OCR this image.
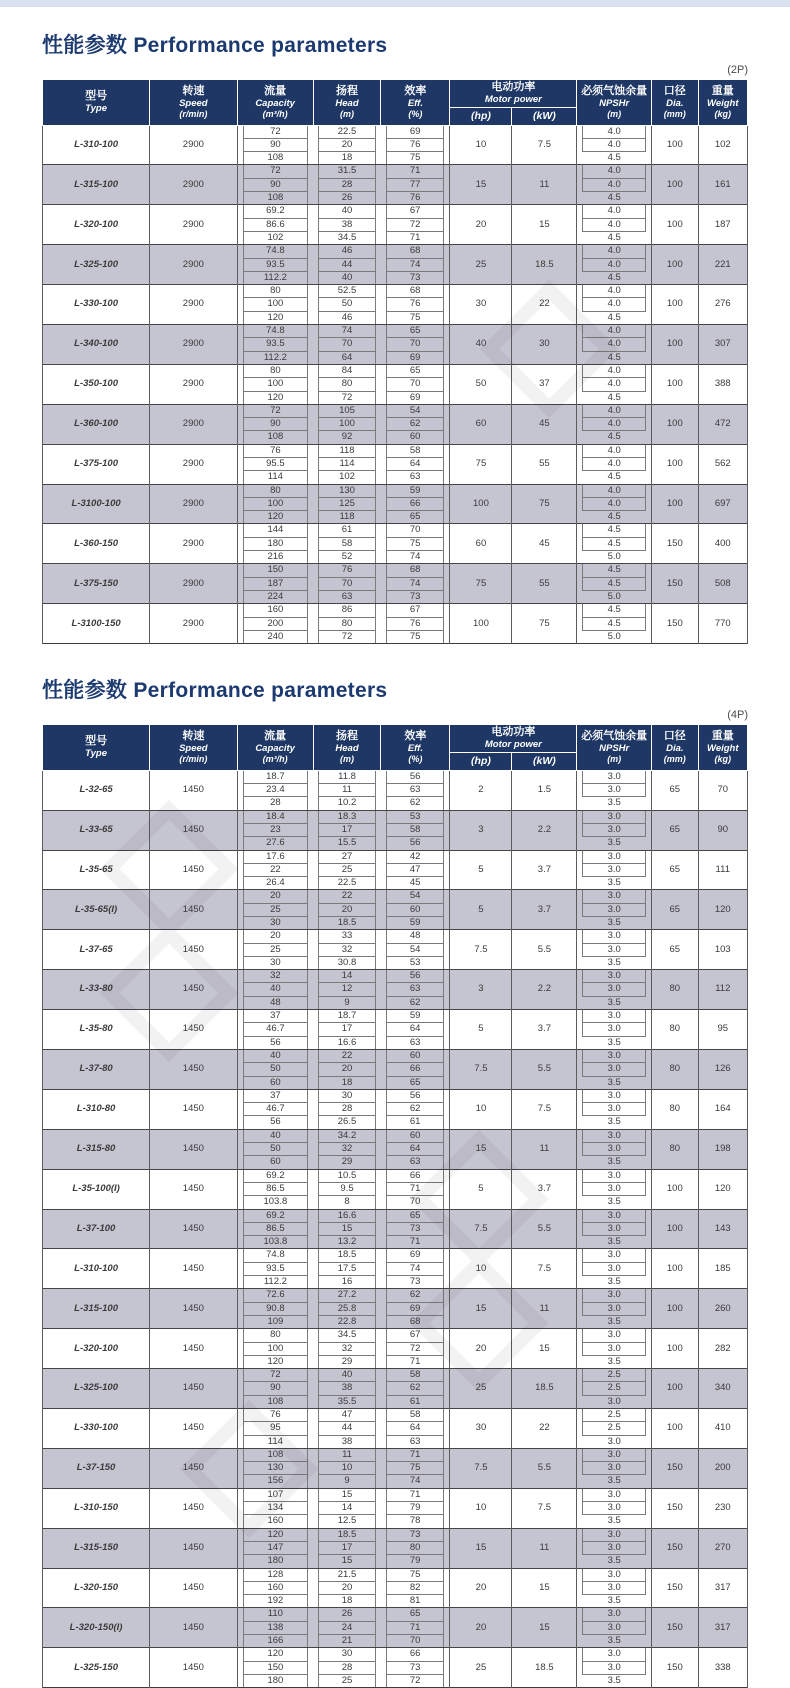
性能参数 Performance parameters
(2P)
型号
Type	转速
Speed
(r/min)	流量
Capacity
(m³/h)	扬程
Head
(m)	效率
Eff.
(%)	电动功率
Motor power		必须气蚀余量
NPSHr
(m)	口径
Dia.
(mm)	重量
Weight
(kg)

					(hp)	(kW)			
L-310-100	2900	72	22.5	69	10	7.5	4.0	100	102

		90	20	76			4.0		

		108	18	75			4.5		

L-315-100	2900	72	31.5	71	15	11	4.0	100	161

		90	28	77			4.0		

		108	26	76			4.5		

L-320-100	2900	69.2	40	67	20	15	4.0	100	187

		86.6	38	72			4.0		

		102	34.5	71			4.5		

L-325-100	2900	74.8	46	68	25	18.5	4.0	100	221

		93.5	44	74			4.0		

		112.2	40	73			4.5		

L-330-100	2900	80	52.5	68	30	22	4.0	100	276

		100	50	76			4.0		

		120	46	75			4.5		

L-340-100	2900	74.8	74	65	40	30	4.0	100	307

		93.5	70	70			4.0		

		112.2	64	69			4.5		

L-350-100	2900	80	84	65	50	37	4.0	100	388

		100	80	70			4.0		

		120	72	69			4.5		

L-360-100	2900	72	105	54	60	45	4.0	100	472

		90	100	62			4.0		

		108	92	60			4.5		

L-375-100	2900	76	118	58	75	55	4.0	100	562

		95.5	114	64			4.0		

		114	102	63			4.5		

L-3100-100	2900	80	130	59	100	75	4.0	100	697

		100	125	66			4.0		

		120	118	65			4.5		

L-360-150	2900	144	61	70	60	45	4.5	150	400

		180	58	75			4.5		

		216	52	74			5.0		

L-375-150	2900	150	76	68	75	55	4.5	150	508

		187	70	74			4.5		

		224	63	73			5.0		

L-3100-150	2900	160	86	67	100	75	4.5	150	770

		200	80	76			4.5		

		240	72	75			5.0		
性能参数 Performance parameters
(4P)
型号
Type	转速
Speed
(r/min)	流量
Capacity
(m³/h)	扬程
Head
(m)	效率
Eff.
(%)	电动功率
Motor power		必须气蚀余量
NPSHr
(m)	口径
Dia.
(mm)	重量
Weight
(kg)

					(hp)	(kW)			
L-32-65	1450	18.7	11.8	56	2	1.5	3.0	65	70

		23.4	11	63			3.0		

		28	10.2	62			3.5		

L-33-65	1450	18.4	18.3	53	3	2.2	3.0	65	90

		23	17	58			3.0		

		27.6	15.5	56			3.5		

L-35-65	1450	17.6	27	42	5	3.7	3.0	65	111

		22	25	47			3.0		

		26.4	22.5	45			3.5		

L-35-65(I)	1450	20	22	54	5	3.7	3.0	65	120

		25	20	60			3.0		

		30	18.5	59			3.5		

L-37-65	1450	20	33	48	7.5	5.5	3.0	65	103

		25	32	54			3.0		

		30	30.8	53			3.5		

L-33-80	1450	32	14	56	3	2.2	3.0	80	112

		40	12	63			3.0		

		48	9	62			3.5		

L-35-80	1450	37	18.7	59	5	3.7	3.0	80	95

		46.7	17	64			3.0		

		56	16.6	63			3.5		

L-37-80	1450	40	22	60	7.5	5.5	3.0	80	126

		50	20	66			3.0		

		60	18	65			3.5		

L-310-80	1450	37	30	56	10	7.5	3.0	80	164

		46.7	28	62			3.0		

		56	26.5	61			3.5		

L-315-80	1450	40	34.2	60	15	11	3.0	80	198

		50	32	64			3.0		

		60	29	63			3.5		

L-35-100(I)	1450	69.2	10.5	66	5	3.7	3.0	100	120

		86.5	9.5	71			3.0		

		103.8	8	70			3.5		

L-37-100	1450	69.2	16.6	65	7.5	5.5	3.0	100	143

		86.5	15	73			3.0		

		103.8	13.2	71			3.5		

L-310-100	1450	74.8	18.5	69	10	7.5	3.0	100	185

		93.5	17.5	74			3.0		

		112.2	16	73			3.5		

L-315-100	1450	72.6	27.2	62	15	11	3.0	100	260

		90.8	25.8	69			3.0		

		109	22.8	68			3.5		

L-320-100	1450	80	34.5	67	20	15	3.0	100	282

		100	32	72			3.0		

		120	29	71			3.5		

L-325-100	1450	72	40	58	25	18.5	2.5	100	340

		90	38	62			2.5		

		108	35.5	61			3.0		

L-330-100	1450	76	47	58	30	22	2.5	100	410

		95	44	64			2.5		

		114	38	63			3.0		

L-37-150	1450	108	11	71	7.5	5.5	3.0	150	200

		130	10	75			3.0		

		156	9	74			3.5		

L-310-150	1450	107	15	71	10	7.5	3.0	150	230

		134	14	79			3.0		

		160	12.5	78			3.5		

L-315-150	1450	120	18.5	73	15	11	3.0	150	270

		147	17	80			3.0		

		180	15	79			3.5		

L-320-150	1450	128	21.5	75	20	15	3.0	150	317

		160	20	82			3.0		

		192	18	81			3.5		

L-320-150(I)	1450	110	26	65	20	15	3.0	150	317

		138	24	71			3.0		

		166	21	70			3.5		

L-325-150	1450	120	30	66	25	18.5	3.0	150	338

		150	28	73			3.0		

		180	25	72			3.5		
